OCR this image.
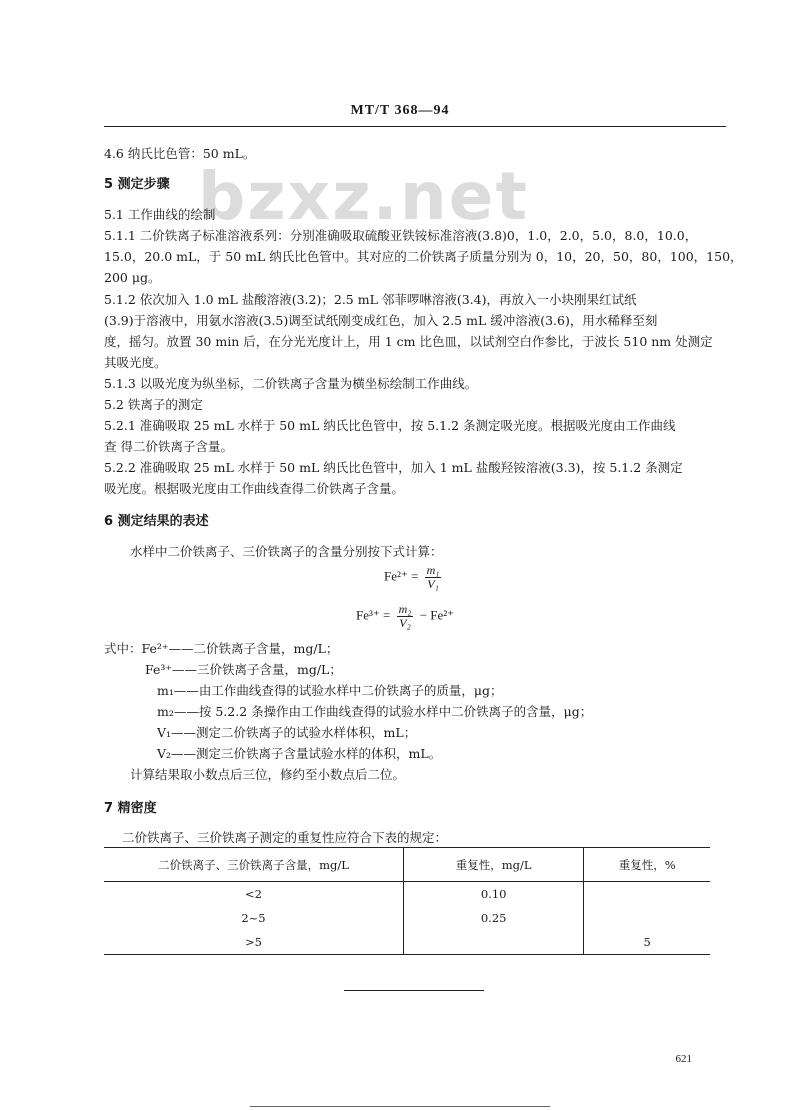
bzxz.net
MT/T 368—94
4.6 纳氏比色管：50 mL。
5 测定步骤
5.1 工作曲线的绘制
5.1.1 二价铁离子标准溶液系列：分别准确吸取硫酸亚铁铵标准溶液(3.8)0，1.0，2.0，5.0，8.0，10.0，
15.0，20.0 mL，于 50 mL 纳氏比色管中。其对应的二价铁离子质量分别为 0，10，20，50，80，100，150，
200 μg。
5.1.2 依次加入 1.0 mL 盐酸溶液(3.2)；2.5 mL 邻菲啰啉溶液(3.4)，再放入一小块刚果红试纸
(3.9)于溶液中，用氨水溶液(3.5)调至试纸刚变成红色，加入 2.5 mL 缓冲溶液(3.6)，用水稀释至刻
度，摇匀。放置 30 min 后，在分光光度计上，用 1 cm 比色皿，以试剂空白作参比，于波长 510 nm 处测定
其吸光度。
5.1.3 以吸光度为纵坐标，二价铁离子含量为横坐标绘制工作曲线。
5.2 铁离子的测定
5.2.1 准确吸取 25 mL 水样于 50 mL 纳氏比色管中，按 5.1.2 条测定吸光度。根据吸光度由工作曲线
查 得二价铁离子含量。
5.2.2 准确吸取 25 mL 水样于 50 mL 纳氏比色管中，加入 1 mL 盐酸羟铵溶液(3.3)，按 5.1.2 条测定
吸光度。根据吸光度由工作曲线查得二价铁离子含量。
6 测定结果的表述
水样中二价铁离子、三价铁离子的含量分别按下式计算：
$Fe^{2+} = \frac{\text{m₁}}{\text{V₁}}$
$Fe^{3+} = \frac{\text{m₂}}{\text{V₂}} - Fe^{2+}$
式中：Fe²⁺——二价铁离子含量，mg/L；
Fe³⁺——三价铁离子含量，mg/L；
m₁——由工作曲线查得的试验水样中二价铁离子的质量，μg；
m₂——按 5.2.2 条操作由工作曲线查得的试验水样中二价铁离子的含量，μg；
V₁——测定二价铁离子的试验水样体积，mL；
V₂——测定三价铁离子含量试验水样的体积，mL。
计算结果取小数点后三位，修约至小数点后二位。
7 精密度
二价铁离子、三价铁离子测定的重复性应符合下表的规定：
二价铁离子、三价铁离子含量，mg/L	重复性，mg/L	重复性，%
<2	0.10	
2~5	0.25	
>5		5
621
